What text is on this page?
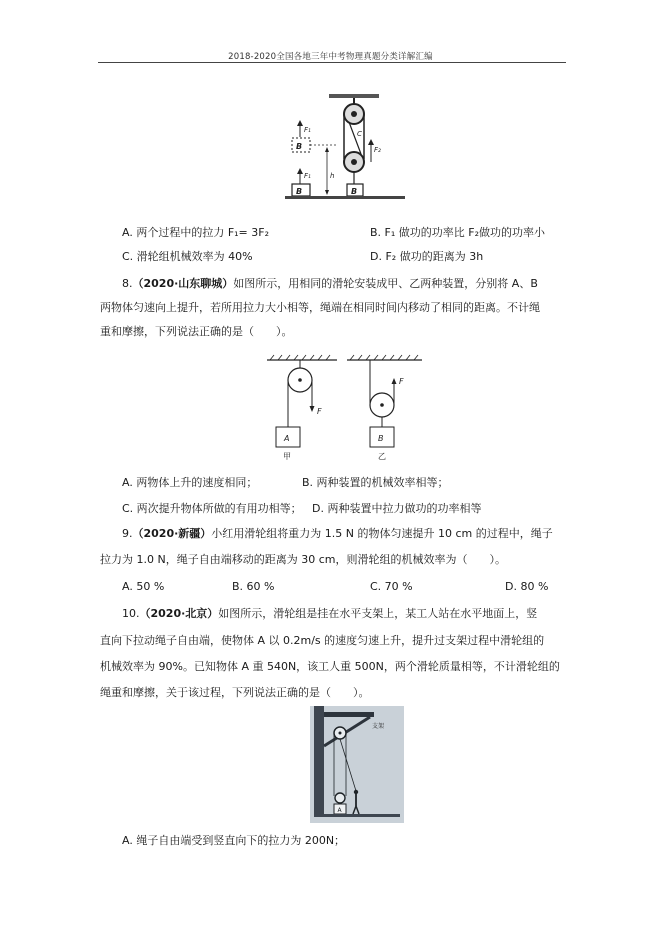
2018-2020全国各地三年中考物理真题分类详解汇编
C
F₂
B
F₁
B
h
F₁
B
A. 两个过程中的拉力 F₁= 3F₂	B. F₁ 做功的功率比 F₂做功的功率小
C. 滑轮组机械效率为 40%	D. F₂ 做功的距离为 3h
8.（2020·山东聊城）如图所示，用相同的滑轮安装成甲、乙两种装置，分别将 A、B
两物体匀速向上提升，若所用拉力大小相等，绳端在相同时间内移动了相同的距离。不计绳
重和摩擦，下列说法正确的是（　　）。
F
A
甲
F
B
乙
A. 两物体上升的速度相同；	B. 两种装置的机械效率相等；
C. 两次提升物体所做的有用功相等； D. 两种装置中拉力做功的功率相等
9.（2020·新疆）小红用滑轮组将重力为 1.5 N 的物体匀速提升 10 cm 的过程中，绳子
拉力为 1.0 N，绳子自由端移动的距离为 30 cm，则滑轮组的机械效率为（　　）。
A. 50 %	B. 60 %	C. 70 %	D. 80 %
10.（2020·北京）如图所示，滑轮组是挂在水平支架上，某工人站在水平地面上，竖
直向下拉动绳子自由端，使物体 A 以 0.2m/s 的速度匀速上升，提升过支架过程中滑轮组的
机械效率为 90%。已知物体 A 重 540N，该工人重 500N，两个滑轮质量相等，不计滑轮组的
绳重和摩擦，关于该过程，下列说法正确的是（　　）。
支架
A
A. 绳子自由端受到竖直向下的拉力为 200N；
